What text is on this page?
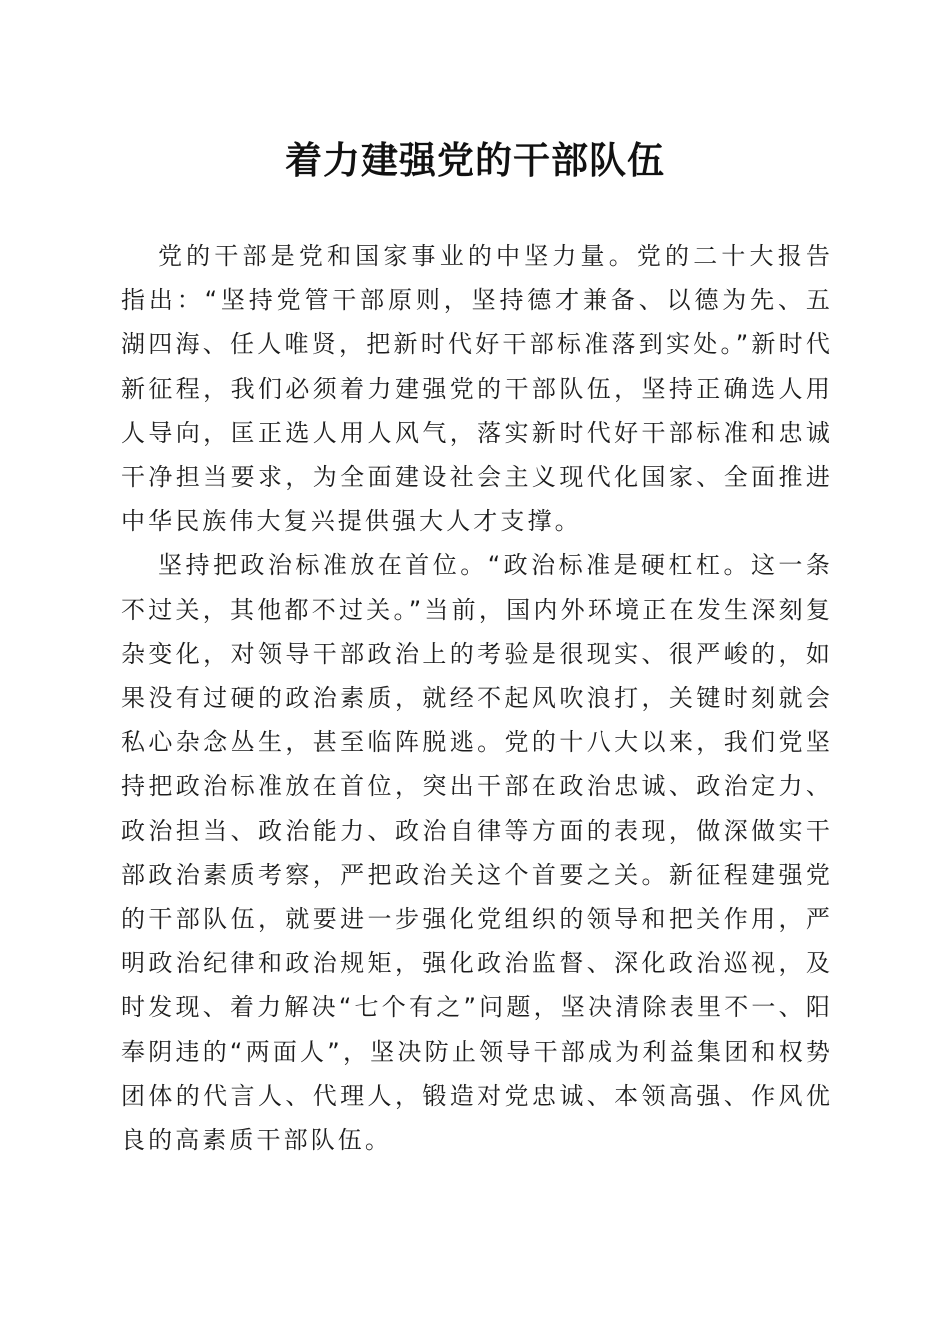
着力建强党的干部队伍

党的干部是党和国家事业的中坚力量。党的二十大报告指出：“坚持党管干部原则，坚持德才兼备、以德为先、五湖四海、任人唯贤，把新时代好干部标准落到实处。”新时代新征程，我们必须着力建强党的干部队伍，坚持正确选人用人导向，匡正选人用人风气，落实新时代好干部标准和忠诚干净担当要求，为全面建设社会主义现代化国家、全面推进中华民族伟大复兴提供强大人才支撑。

坚持把政治标准放在首位。“政治标准是硬杠杠。这一条不过关，其他都不过关。”当前，国内外环境正在发生深刻复杂变化，对领导干部政治上的考验是很现实、很严峻的，如果没有过硬的政治素质，就经不起风吹浪打，关键时刻就会私心杂念丛生，甚至临阵脱逃。党的十八大以来，我们党坚持把政治标准放在首位，突出干部在政治忠诚、政治定力、政治担当、政治能力、政治自律等方面的表现，做深做实干部政治素质考察，严把政治关这个首要之关。新征程建强党的干部队伍，就要进一步强化党组织的领导和把关作用，严明政治纪律和政治规矩，强化政治监督、深化政治巡视，及时发现、着力解决“七个有之”问题，坚决清除表里不一、阳奉阴违的“两面人”，坚决防止领导干部成为利益集团和权势团体的代言人、代理人，锻造对党忠诚、本领高强、作风优良的高素质干部队伍。
